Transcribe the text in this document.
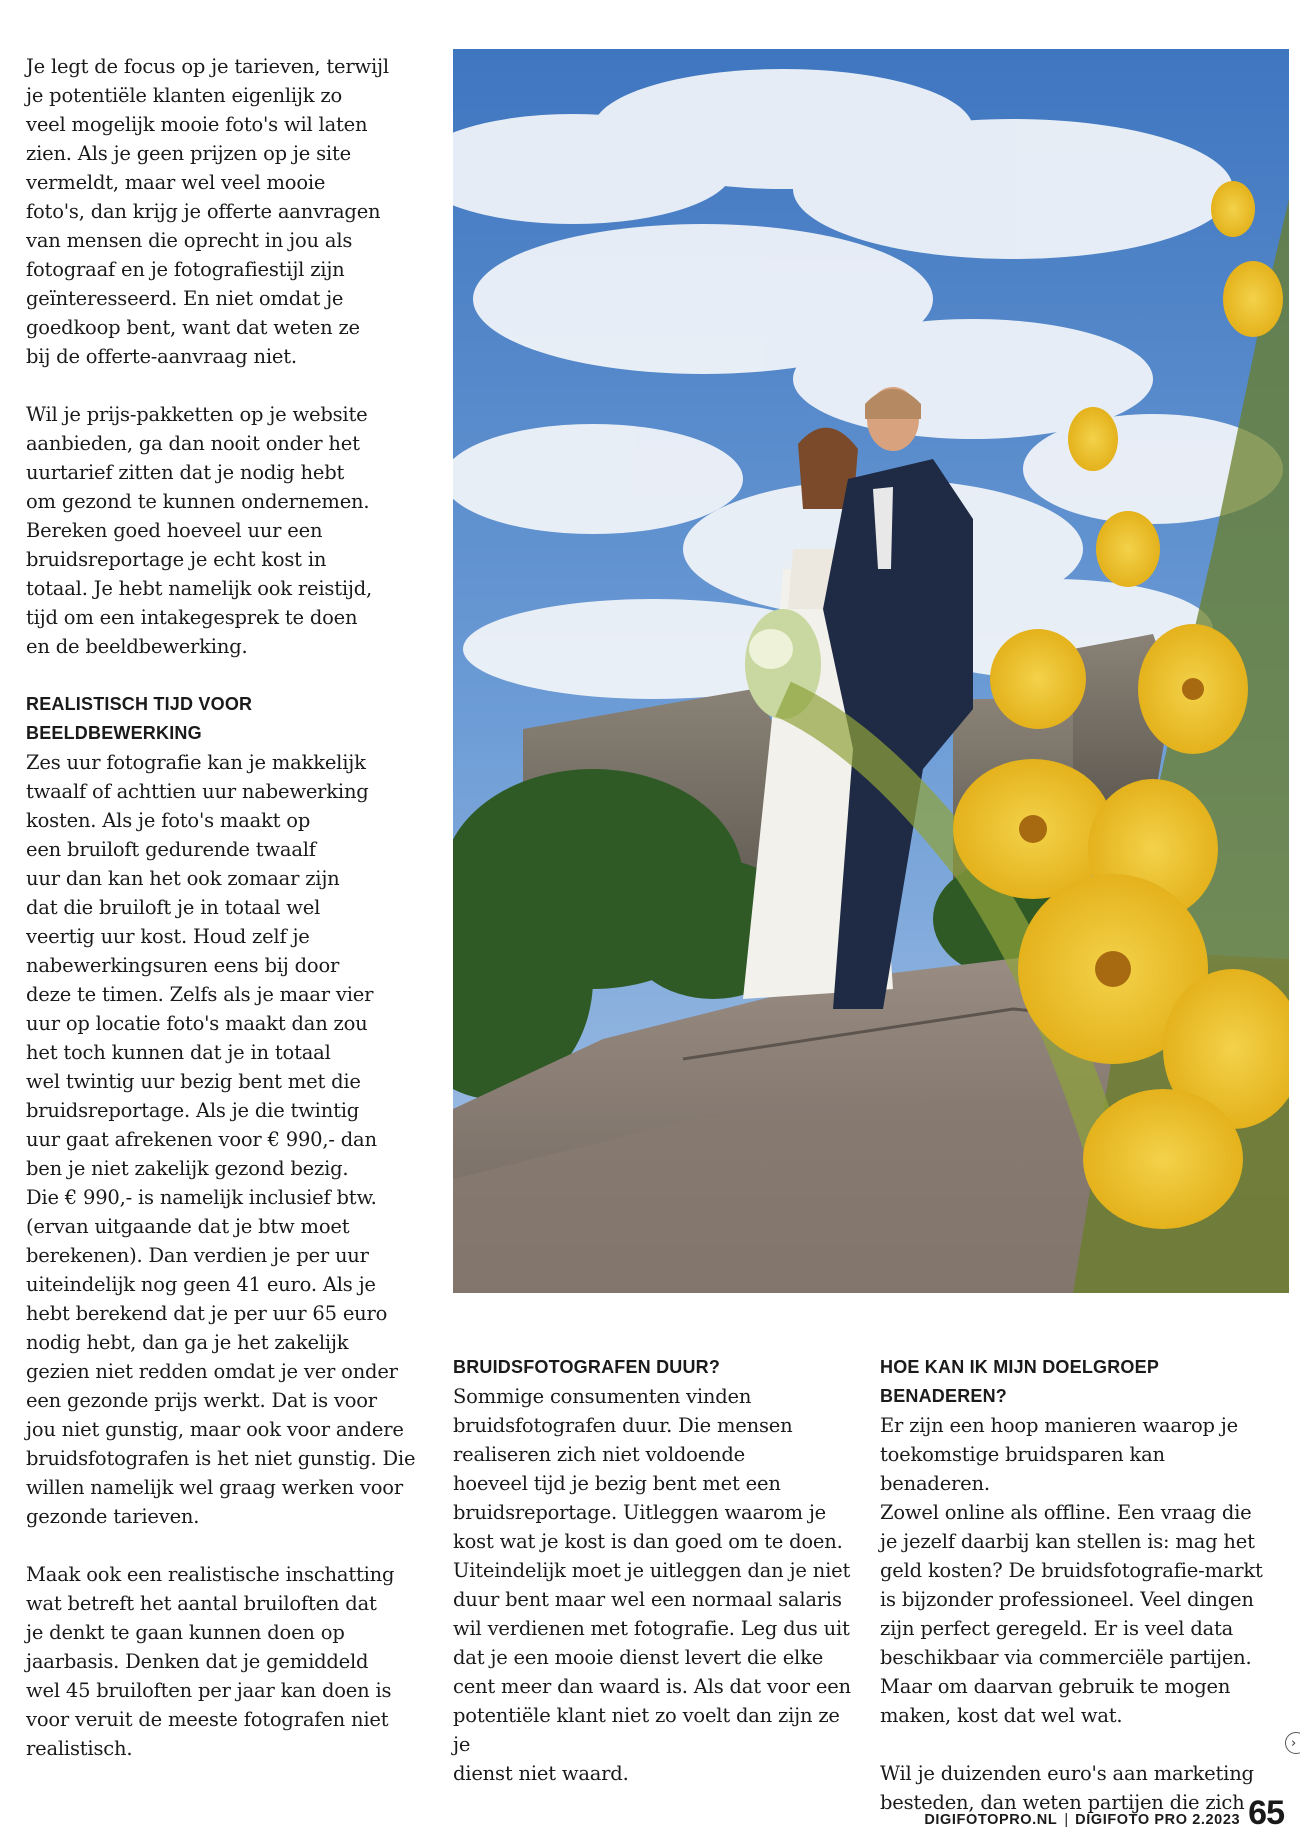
Je legt de focus op je tarieven, terwijl
je potentiële klanten eigenlijk zo
veel mogelijk mooie foto's wil laten
zien. Als je geen prijzen op je site
vermeldt, maar wel veel mooie
foto's, dan krijg je offerte aanvragen
van mensen die oprecht in jou als
fotograaf en je fotografiestijl zijn
geïnteresseerd. En niet omdat je
goedkoop bent, want dat weten ze
bij de offerte-aanvraag niet.

Wil je prijs-pakketten op je website
aanbieden, ga dan nooit onder het
uurtarief zitten dat je nodig hebt
om gezond te kunnen ondernemen.
Bereken goed hoeveel uur een
bruidsreportage je echt kost in
totaal. Je hebt namelijk ook reistijd,
tijd om een intakegesprek te doen
en de beeldbewerking.

REALISTISCH TIJD VOOR
BEELDBEWERKING

Zes uur fotografie kan je makkelijk
twaalf of achttien uur nabewerking
kosten. Als je foto's maakt op
een bruiloft gedurende twaalf
uur dan kan het ook zomaar zijn
dat die bruiloft je in totaal wel
veertig uur kost. Houd zelf je
nabewerkingsuren eens bij door
deze te timen. Zelfs als je maar vier
uur op locatie foto's maakt dan zou
het toch kunnen dat je in totaal
wel twintig uur bezig bent met die
bruidsreportage. Als je die twintig
uur gaat afrekenen voor € 990,- dan
ben je niet zakelijk gezond bezig.
Die € 990,- is namelijk inclusief btw.
(ervan uitgaande dat je btw moet
berekenen). Dan verdien je per uur
uiteindelijk nog geen 41 euro. Als je
hebt berekend dat je per uur 65 euro
nodig hebt, dan ga je het zakelijk
gezien niet redden omdat je ver onder
een gezonde prijs werkt. Dat is voor
jou niet gunstig, maar ook voor andere
bruidsfotografen is het niet gunstig. Die
willen namelijk wel graag werken voor
gezonde tarieven.

Maak ook een realistische inschatting
wat betreft het aantal bruiloften dat
je denkt te gaan kunnen doen op
jaarbasis. Denken dat je gemiddeld
wel 45 bruiloften per jaar kan doen is
voor veruit de meeste fotografen niet
realistisch.

BRUIDSFOTOGRAFEN DUUR?

Sommige consumenten vinden
bruidsfotografen duur. Die mensen
realiseren zich niet voldoende
hoeveel tijd je bezig bent met een
bruidsreportage. Uitleggen waarom je
kost wat je kost is dan goed om te doen.
Uiteindelijk moet je uitleggen dan je niet
duur bent maar wel een normaal salaris
wil verdienen met fotografie. Leg dus uit
dat je een mooie dienst levert die elke
cent meer dan waard is. Als dat voor een
potentiële klant niet zo voelt dan zijn ze je
dienst niet waard.

HOE KAN IK MIJN DOELGROEP BENADEREN?

Er zijn een hoop manieren waarop je
toekomstige bruidsparen kan benaderen.
Zowel online als offline. Een vraag die
je jezelf daarbij kan stellen is: mag het
geld kosten? De bruidsfotografie-markt
is bijzonder professioneel. Veel dingen
zijn perfect geregeld. Er is veel data
beschikbaar via commerciële partijen.
Maar om daarvan gebruik te mogen
maken, kost dat wel wat.

Wil je duizenden euro's aan marketing
besteden, dan weten partijen die zich

›
DIGIFOTOPRO.NL | DIGIFOTO PRO 2.2023 65
